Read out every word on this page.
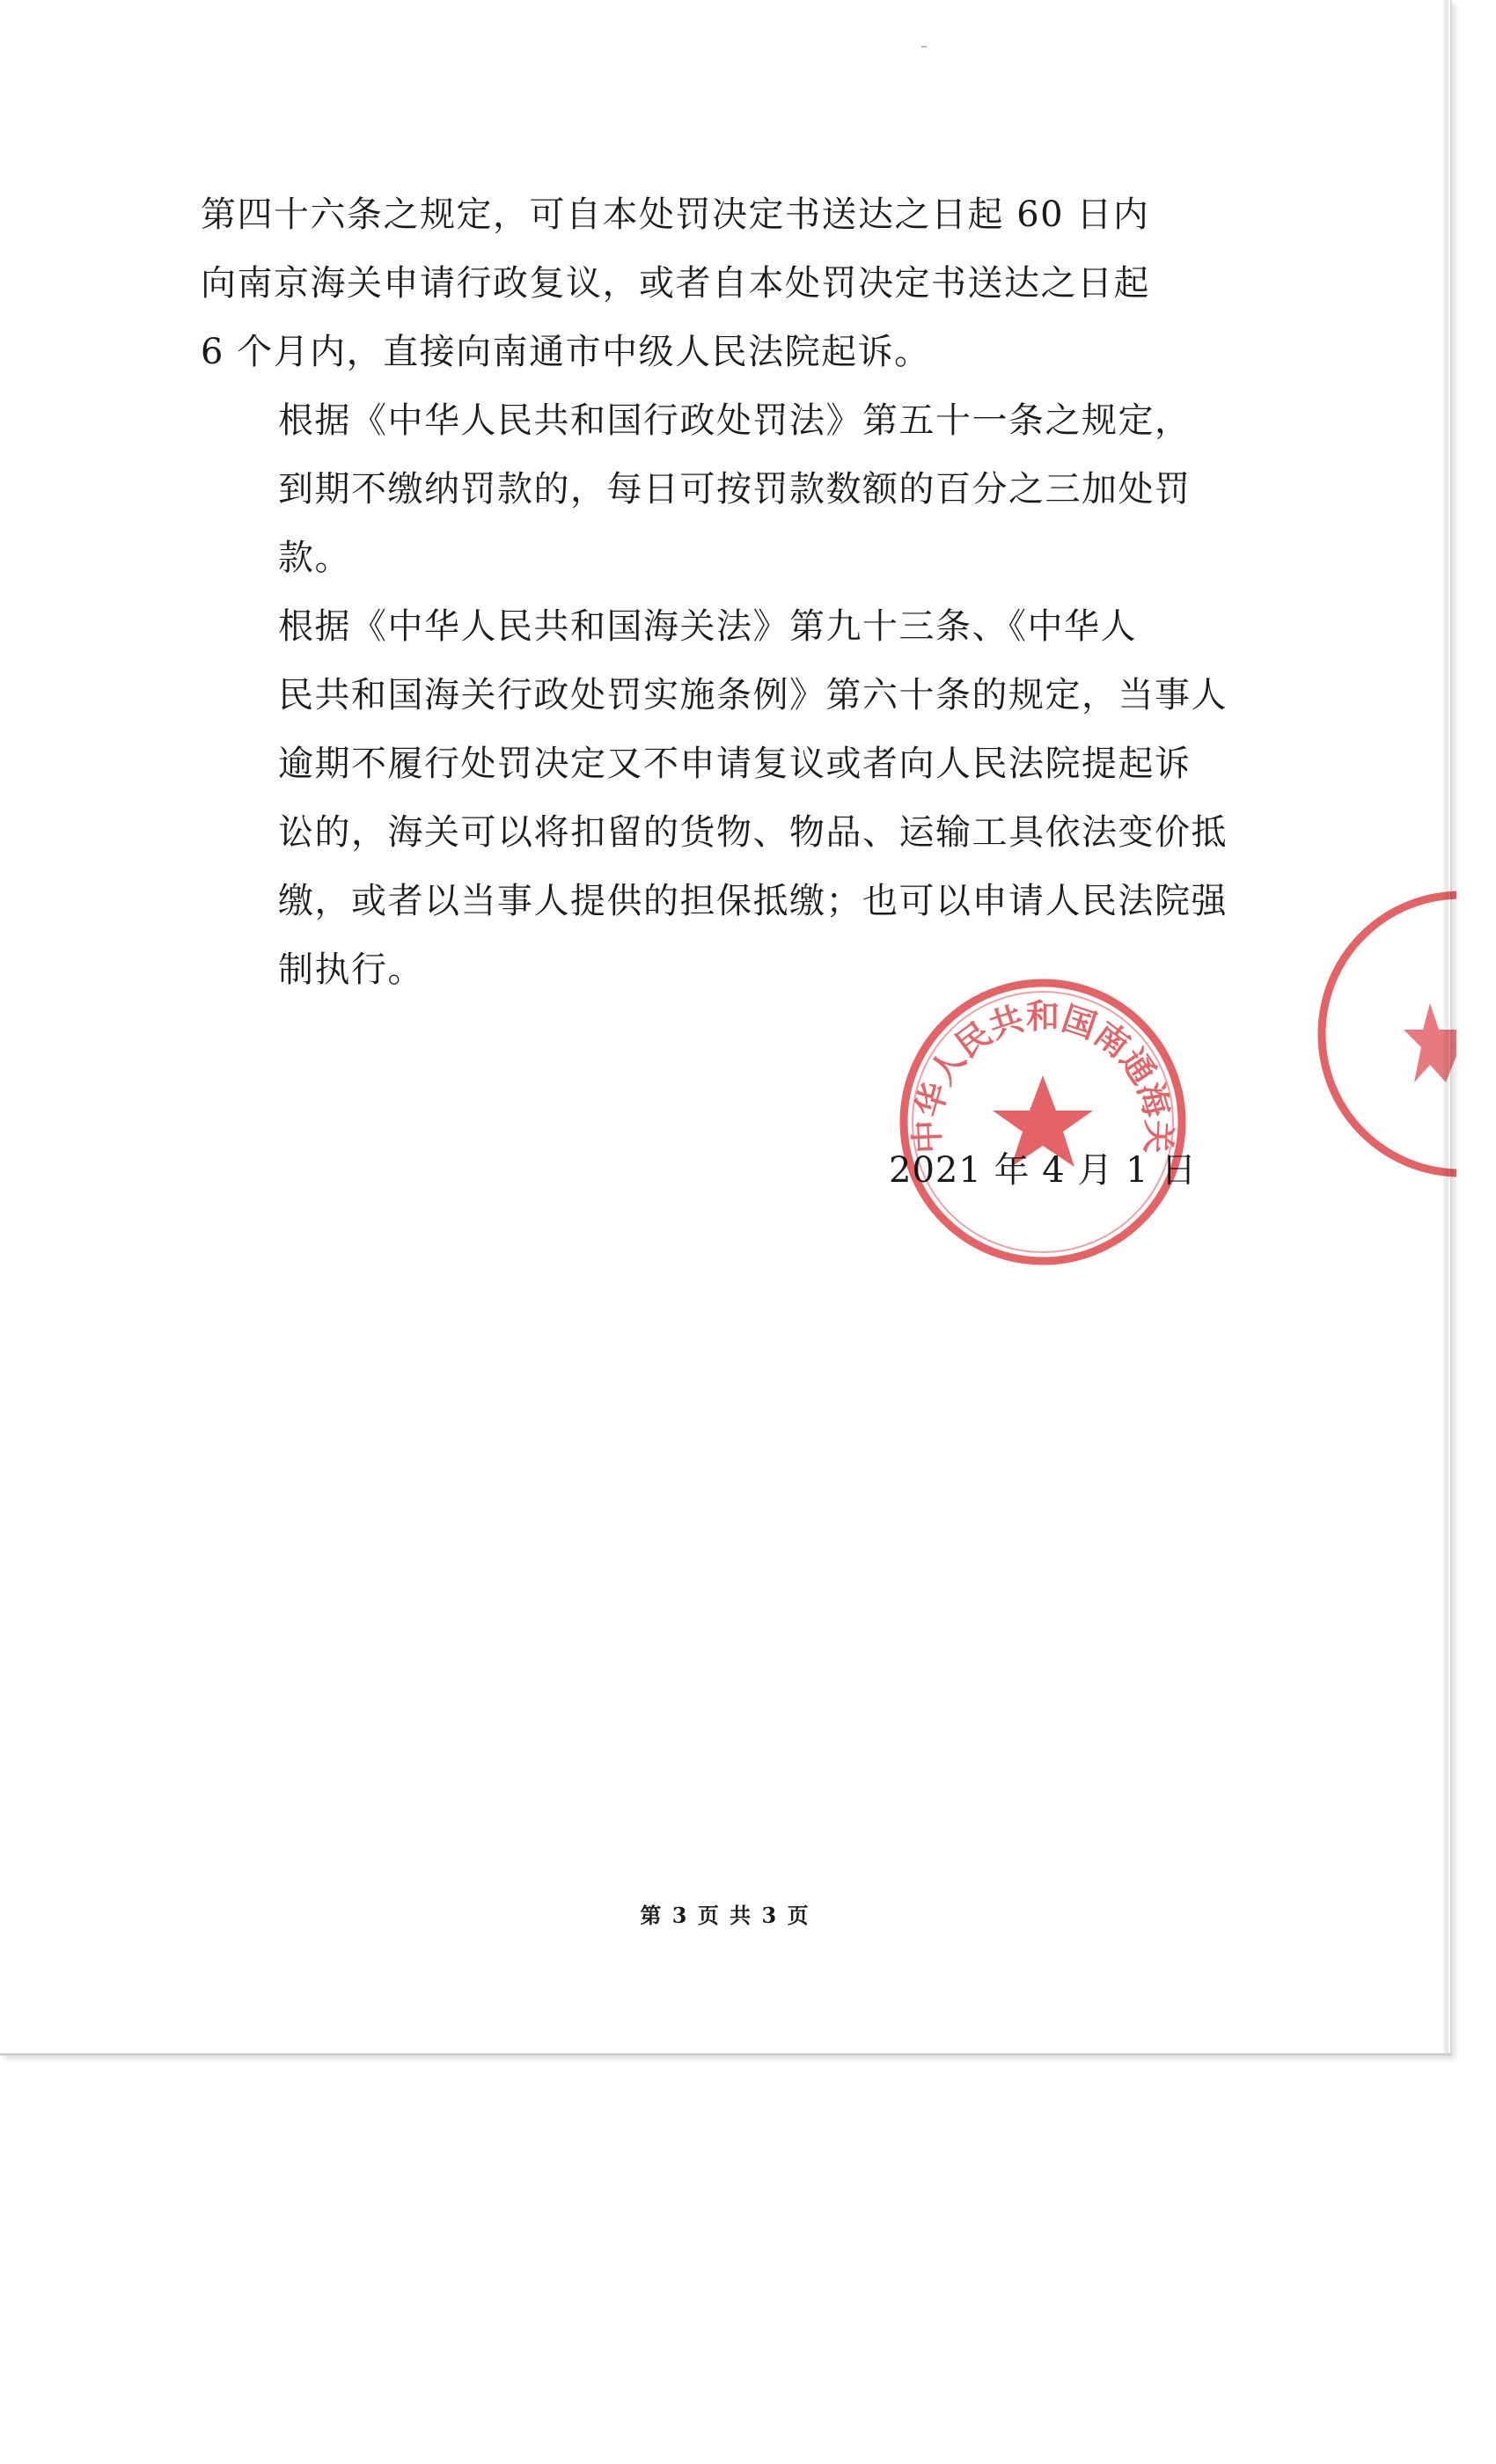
第四十六条之规定，可自本处罚决定书送达之日起 60 日内
向南京海关申请行政复议，或者自本处罚决定书送达之日起
6 个月内，直接向南通市中级人民法院起诉。

根据《中华人民共和国行政处罚法》第五十一条之规定，
到期不缴纳罚款的，每日可按罚款数额的百分之三加处罚
款。

根据《中华人民共和国海关法》第九十三条、《中华人
民共和国海关行政处罚实施条例》第六十条的规定，当事人
逾期不履行处罚决定又不申请复议或者向人民法院提起诉
讼的，海关可以将扣留的货物、物品、运输工具依法变价抵
缴，或者以当事人提供的担保抵缴；也可以申请人民法院强
制执行。

2021 年 4 月 1 日
中华人民共和国南通海关
第 3 页 共 3 页
